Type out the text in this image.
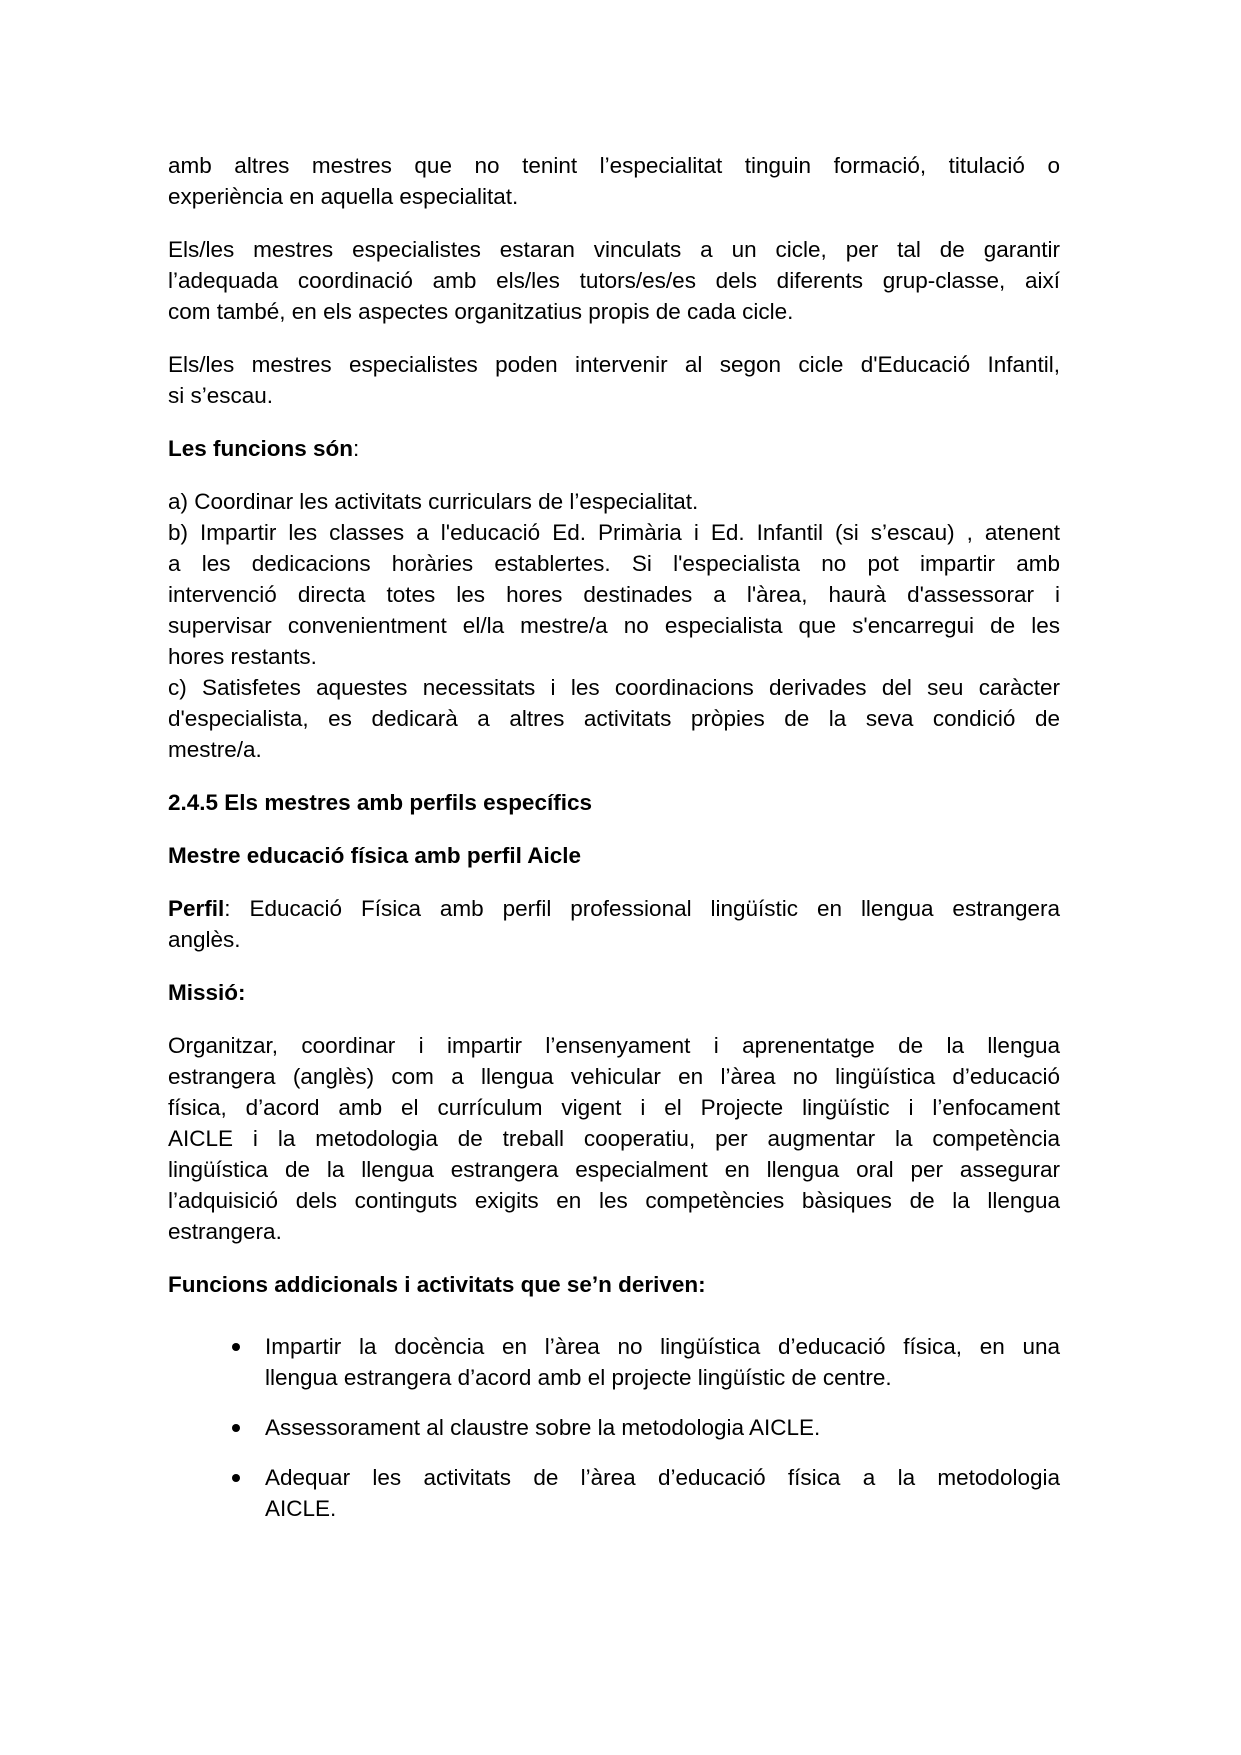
amb altres mestres que no tenint l’especialitat tinguin formació, titulació o
experiència en aquella especialitat.
Els/les mestres especialistes estaran vinculats a un cicle, per tal de garantir
l’adequada coordinació amb els/les tutors/es/es dels diferents grup-classe, així
com també, en els aspectes organitzatius propis de cada cicle.
Els/les mestres especialistes poden intervenir al segon cicle d'Educació Infantil,
si s’escau.
Les funcions són:
a) Coordinar les activitats curriculars de l’especialitat.
b) Impartir les classes a l'educació Ed. Primària i Ed. Infantil (si s’escau) , atenent
a les dedicacions horàries establertes. Si l'especialista no pot impartir amb
intervenció directa totes les hores destinades a l'àrea, haurà d'assessorar i
supervisar convenientment el/la mestre/a no especialista que s'encarregui de les
hores restants.
c) Satisfetes aquestes necessitats i les coordinacions derivades del seu caràcter
d'especialista, es dedicarà a altres activitats pròpies de la seva condició de
mestre/a.
2.4.5 Els mestres amb perfils específics
Mestre educació física amb perfil Aicle
Perfil: Educació Física amb perfil professional lingüístic en llengua estrangera
anglès.
Missió:
Organitzar, coordinar i impartir l’ensenyament i aprenentatge de la llengua
estrangera (anglès) com a llengua vehicular en l’àrea no lingüística d’educació
física, d’acord amb el currículum vigent i el Projecte lingüístic i l’enfocament
AICLE i la metodologia de treball cooperatiu, per augmentar la competència
lingüística de la llengua estrangera especialment en llengua oral per assegurar
l’adquisició dels continguts exigits en les competències bàsiques de la llengua
estrangera.
Funcions addicionals i activitats que se’n deriven:
Impartir la docència en l’àrea no lingüística d’educació física, en una
llengua estrangera d’acord amb el projecte lingüístic de centre.
Assessorament al claustre sobre la metodologia AICLE.
Adequar les activitats de l’àrea d’educació física a la metodologia
AICLE.
